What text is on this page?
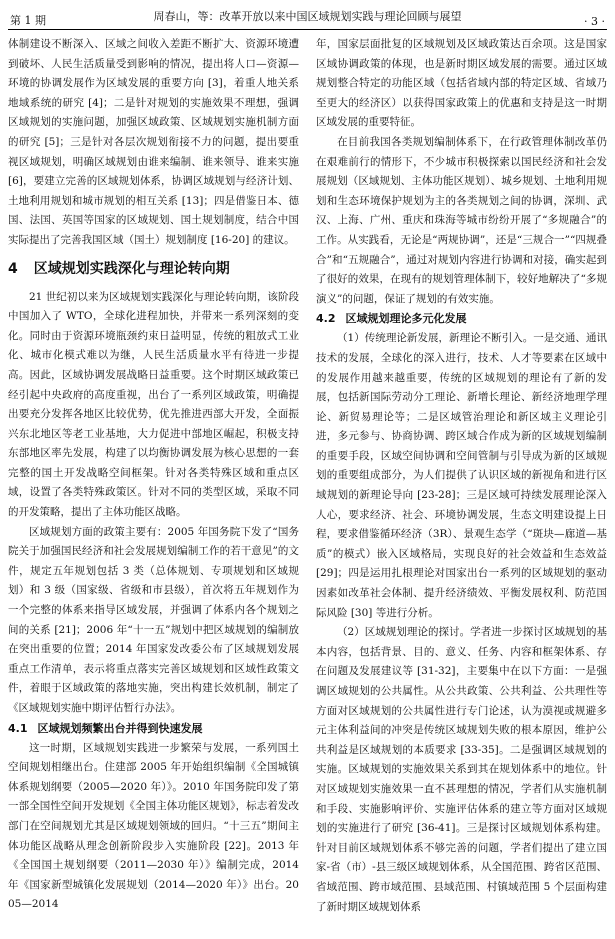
第 1 期	周春山，等：改革开放以来中国区域规划实践与理论回顾与展望	· 3 ·

体制建设不断深入、区域之间收入差距不断扩大、资源环境遭到破坏、人民生活质量受到影响的情况，提出将人口—资源—环境的协调发展作为区域发展的重要方向 [3]，着重人地关系地域系统的研究 [4]；二是针对规划的实施效果不理想，强调区域规划的实施问题，加强区域政策、区域规划实施机制方面的研究 [5]；三是针对各层次规划衔接不力的问题，提出要重视区域规划，明确区域规划由谁来编制、谁来领导、谁来实施 [6]，要建立完善的区域规划体系，协调区域规划与经济计划、土地利用规划和城市规划的相互关系 [13]；四是借鉴日本、德国、法国、英国等国家的区域规划、国土规划制度，结合中国实际提出了完善我国区域（国土）规划制度 [16-20] 的建议。

4 区域规划实践深化与理论转向期

21 世纪初以来为区域规划实践深化与理论转向期，该阶段中国加入了 WTO，全球化进程加快，并带来一系列深刻的变化。同时由于资源环境瓶颈约束日益明显，传统的粗放式工业化、城市化模式难以为继，人民生活质量水平有待进一步提高。因此，区域协调发展战略日益重要。这个时期区域政策已经引起中央政府的高度重视，出台了一系列区域政策，明确提出要充分发挥各地区比较优势，优先推进西部大开发，全面振兴东北地区等老工业基地，大力促进中部地区崛起，积极支持东部地区率先发展，构建了以均衡协调发展为核心思想的一套完整的国土开发战略空间框架。针对各类特殊区域和重点区域，设置了各类特殊政策区。针对不同的类型区域，采取不同的开发策略，提出了主体功能区战略。

区域规划方面的政策主要有：2005 年国务院下发了“国务院关于加强国民经济和社会发展规划编制工作的若干意见”的文件，规定五年规划包括 3 类（总体规划、专项规划和区域规划）和 3 级（国家级、省级和市县级），首次将五年规划作为一个完整的体系来指导区域发展，并强调了体系内各个规划之间的关系 [21]；2006 年“十一五”规划中把区域规划的编制放在突出重要的位置；2014 年国家发改委公布了区域规划发展重点工作清单，表示将重点落实完善区域规划和区域性政策文件，着眼于区域政策的落地实施，突出构建长效机制，制定了《区域规划实施中期评估暂行办法》。

4.1 区域规划频繁出台并得到快速发展

这一时期，区域规划实践进一步繁荣与发展，一系列国土空间规划相继出台。住建部 2005 年开始组织编制《全国城镇体系规划纲要（2005—2020 年）》。2010 年国务院印发了第一部全国性空间开发规划《全国主体功能区规划》，标志着发改部门在空间规划尤其是区域规划领域的回归。“十三五”期间主体功能区战略从理念创新阶段步入实施阶段 [22]。2013 年《全国国土规划纲要（2011—2030 年）》编制完成，2014 年《国家新型城镇化发展规划（2014—2020 年）》出台。2005—2014

年，国家层面批复的区域规划及区域政策达百余项。这是国家区域协调政策的体现，也是新时期区域发展的需要。通过区域规划整合特定的功能区域（包括省域内部的特定区域、省域乃至更大的经济区）以获得国家政策上的优惠和支持是这一时期区域发展的重要特征。

在目前我国各类规划编制体系下，在行政管理体制改革仍在艰难前行的情形下，不少城市积极探索以国民经济和社会发展规划（区域规划、主体功能区规划）、城乡规划、土地利用规划和生态环境保护规划为主的各类规划之间的协调，深圳、武汉、上海、广州、重庆和珠海等城市纷纷开展了“多规融合”的工作。从实践看，无论是“两规协调”，还是“三规合一”“四规叠合”和“五规融合”，通过对规划内容进行协调和对接，确实起到了很好的效果，在现有的规划管理体制下，较好地解决了“多规演义”的问题，保证了规划的有效实施。

4.2 区域规划理论多元化发展

（1）传统理论新发展，新理论不断引入。一是交通、通讯技术的发展，全球化的深入进行，技术、人才等要素在区域中的发展作用越来越重要，传统的区域规划的理论有了新的发展，包括新国际劳动分工理论、新增长理论、新经济地理学理论、新贸易理论等；二是区域管治理论和新区域主义理论引进，多元参与、协商协调、跨区域合作成为新的区域规划编制的重要手段，区域空间协调和空间管制与引导成为新的区域规划的重要组成部分，为人们提供了认识区域的新视角和进行区域规划的新理论导向 [23-28]；三是区域可持续发展理论深入人心，要求经济、社会、环境协调发展，生态文明建设提上日程，要求借鉴循环经济（3R）、景观生态学（“斑块—廊道—基质”的模式）嵌入区域格局，实现良好的社会效益和生态效益 [29]；四是运用扎根理论对国家出台一系列的区域规划的驱动因素如改革社会体制、提升经济绩效、平衡发展权利、防范国际风险 [30] 等进行分析。

（2）区域规划理论的探讨。学者进一步探讨区域规划的基本内容，包括背景、目的、意义、任务、内容和框架体系、存在问题及发展建议等 [31-32]，主要集中在以下方面：一是强调区域规划的公共属性。从公共政策、公共利益、公共理性等方面对区域规划的公共属性进行专门论述，认为漠视或规避多元主体利益间的冲突是传统区域规划失败的根本原因，维护公共利益是区域规划的本质要求 [33-35]。二是强调区域规划的实施。区域规划的实施效果关系到其在规划体系中的地位。针对区域规划实施效果一直不甚理想的情况，学者们从实施机制和手段、实施影响评价、实施评估体系的建立等方面对区域规划的实施进行了研究 [36-41]。三是探讨区域规划体系构建。针对目前区域规划体系不够完善的问题，学者们提出了建立国家-省（市）-县三级区域规划体系，从全国范围、跨省区范围、省域范围、跨市域范围、县域范围、村镇域范围 5 个层面构建了新时期区域规划体系
